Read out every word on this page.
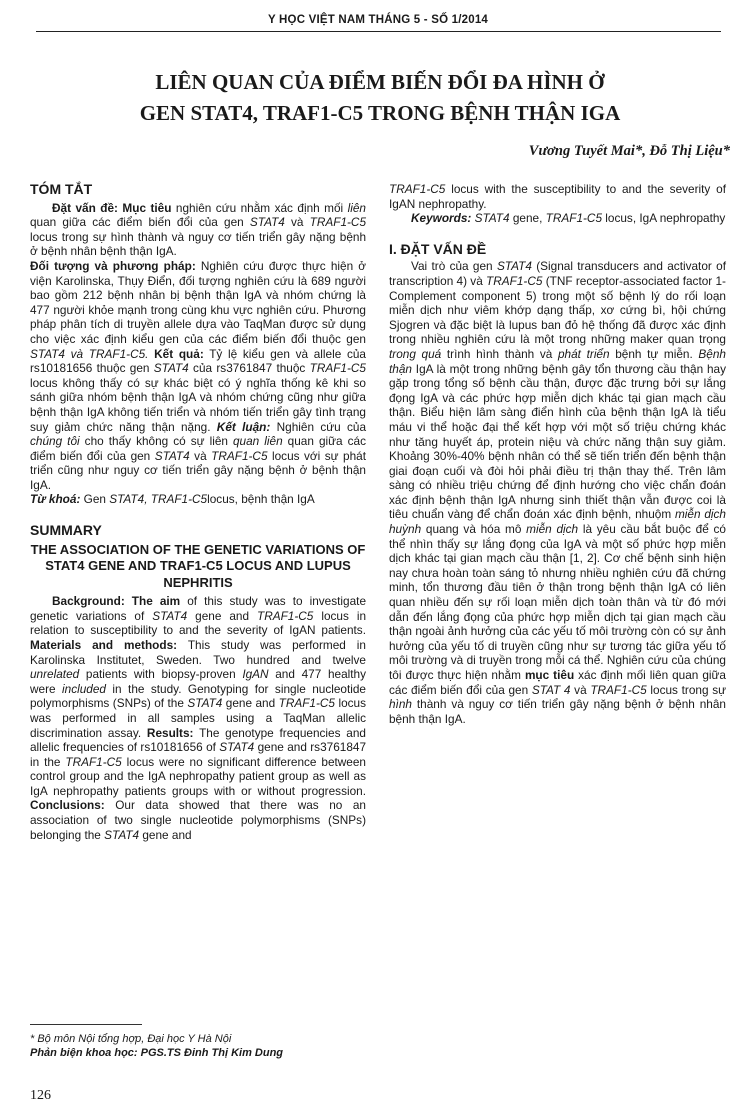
Y HỌC VIỆT NAM THÁNG 5 - SỐ 1/2014
LIÊN QUAN CỦA ĐIỂM BIẾN ĐỔI ĐA HÌNH Ở
GEN STAT4, TRAF1-C5 TRONG BỆNH THẬN IGA
Vương Tuyết Mai*, Đỗ Thị Liệu*
TÓM TẮT

Đặt vấn đề: Mục tiêu nghiên cứu nhằm xác định mối liên quan giữa các điểm biến đổi của gen STAT4 và TRAF1-C5 locus trong sự hình thành và nguy cơ tiến triển gây nặng bệnh ở bệnh nhân bệnh thận IgA.

Đối tượng và phương pháp: Nghiên cứu được thực hiện ở viện Karolinska, Thụy Điển, đối tượng nghiên cứu là 689 người bao gồm 212 bệnh nhân bị bệnh thận IgA và nhóm chứng là 477 người khỏe mạnh trong cùng khu vực nghiên cứu. Phương pháp phân tích di truyền allele dựa vào TaqMan được sử dụng cho việc xác định kiểu gen của các điểm biến đổi thuộc gen STAT4 và TRAF1-C5. Kết quả: Tỷ lệ kiểu gen và allele của rs10181656 thuộc gen STAT4 của rs3761847 thuộc TRAF1-C5 locus không thấy có sự khác biệt có ý nghĩa thống kê khi so sánh giữa nhóm bệnh thận IgA và nhóm chứng cũng như giữa bệnh thận IgA không tiến triển và nhóm tiến triển gây tình trạng suy giảm chức năng thận nặng. Kết luận: Nghiên cứu của chúng tôi cho thấy không có sự liên quan liên quan giữa các điểm biến đổi của gen STAT4 và TRAF1-C5 locus với sự phát triển cũng như nguy cơ tiến triển gây nặng bệnh ở bệnh thận IgA.

Từ khoá: Gen STAT4, TRAF1-C5locus, bệnh thận IgA

SUMMARY
THE ASSOCIATION OF THE GENETIC VARIATIONS OF STAT4 GENE AND TRAF1-C5 LOCUS AND LUPUS NEPHRITIS

Background: The aim of this study was to investigate genetic variations of STAT4 gene and TRAF1-C5 locus in relation to susceptibility to and the severity of IgAN patients. Materials and methods: This study was performed in Karolinska Institutet, Sweden. Two hundred and twelve unrelated patients with biopsy-proven IgAN and 477 healthy were included in the study. Genotyping for single nucleotide polymorphisms (SNPs) of the STAT4 gene and TRAF1-C5 locus was performed in all samples using a TaqMan allelic discrimination assay. Results: The genotype frequencies and allelic frequencies of rs10181656 of STAT4 gene and rs3761847 in the TRAF1-C5 locus were no significant difference between control group and the IgA nephropathy patient group as well as IgA nephropathy patients groups with or without progression. Conclusions: Our data showed that there was no an association of two single nucleotide polymorphisms (SNPs) belonging the STAT4 gene and

TRAF1-C5 locus with the susceptibility to and the severity of IgAN nephropathy.

Keywords: STAT4 gene, TRAF1-C5 locus, IgA nephropathy

I. ĐẶT VẤN ĐỀ

Vai trò của gen STAT4 (Signal transducers and activator of transcription 4) và TRAF1-C5 (TNF receptor-associated factor 1- Complement component 5) trong một số bệnh lý do rối loạn miễn dịch như viêm khớp dạng thấp, xơ cứng bì, hội chứng Sjogren và đặc biệt là lupus ban đỏ hệ thống đã được xác định trong nhiều nghiên cứu là một trong những maker quan trọng trong quá trình hình thành và phát triển bệnh tự miễn. Bệnh thận IgA là một trong những bệnh gây tổn thương cầu thận hay gặp trong tổng số bệnh cầu thận, được đặc trưng bởi sự lắng đọng IgA và các phức hợp miễn dịch khác tại gian mạch cầu thận. Biểu hiện lâm sàng điển hình của bệnh thận IgA là tiểu máu vi thể hoặc đại thể kết hợp với một số triệu chứng khác như tăng huyết áp, protein niệu và chức năng thận suy giảm. Khoảng 30%-40% bệnh nhân có thể sẽ tiến triển đến bệnh thận giai đoạn cuối và đòi hỏi phải điều trị thận thay thế. Trên lâm sàng có nhiều triệu chứng để định hướng cho việc chẩn đoán xác định bệnh thận IgA nhưng sinh thiết thận vẫn được coi là tiêu chuẩn vàng để chẩn đoán xác định bệnh, nhuộm miễn dịch huỳnh quang và hóa mô miễn dịch là yêu cầu bắt buộc để có thể nhìn thấy sự lắng đọng của IgA và một số phức hợp miễn dịch khác tại gian mạch cầu thận [1, 2]. Cơ chế bệnh sinh hiện nay chưa hoàn toàn sáng tỏ nhưng nhiều nghiên cứu đã chứng minh, tổn thương đầu tiên ở thận trong bệnh thận IgA có liên quan nhiều đến sự rối loạn miễn dịch toàn thân và từ đó mới dẫn đến lắng đọng của phức hợp miễn dịch tại gian mạch cầu thận ngoài ảnh hưởng của các yếu tố môi trường còn có sự ảnh hưởng của yếu tố di truyền cũng như sự tương tác giữa yếu tố môi trường và di truyền trong mỗi cá thể. Nghiên cứu của chúng tôi được thực hiện nhằm mục tiêu xác định mối liên quan giữa các điểm biến đổi của gen STAT 4 và TRAF1-C5 locus trong sự hình thành và nguy cơ tiến triển gây nặng bệnh ở bệnh nhân bệnh thận IgA.

* Bộ môn Nội tổng hợp, Đại học Y Hà Nội
Phản biện khoa học: PGS.TS Đinh Thị Kim Dung
126
